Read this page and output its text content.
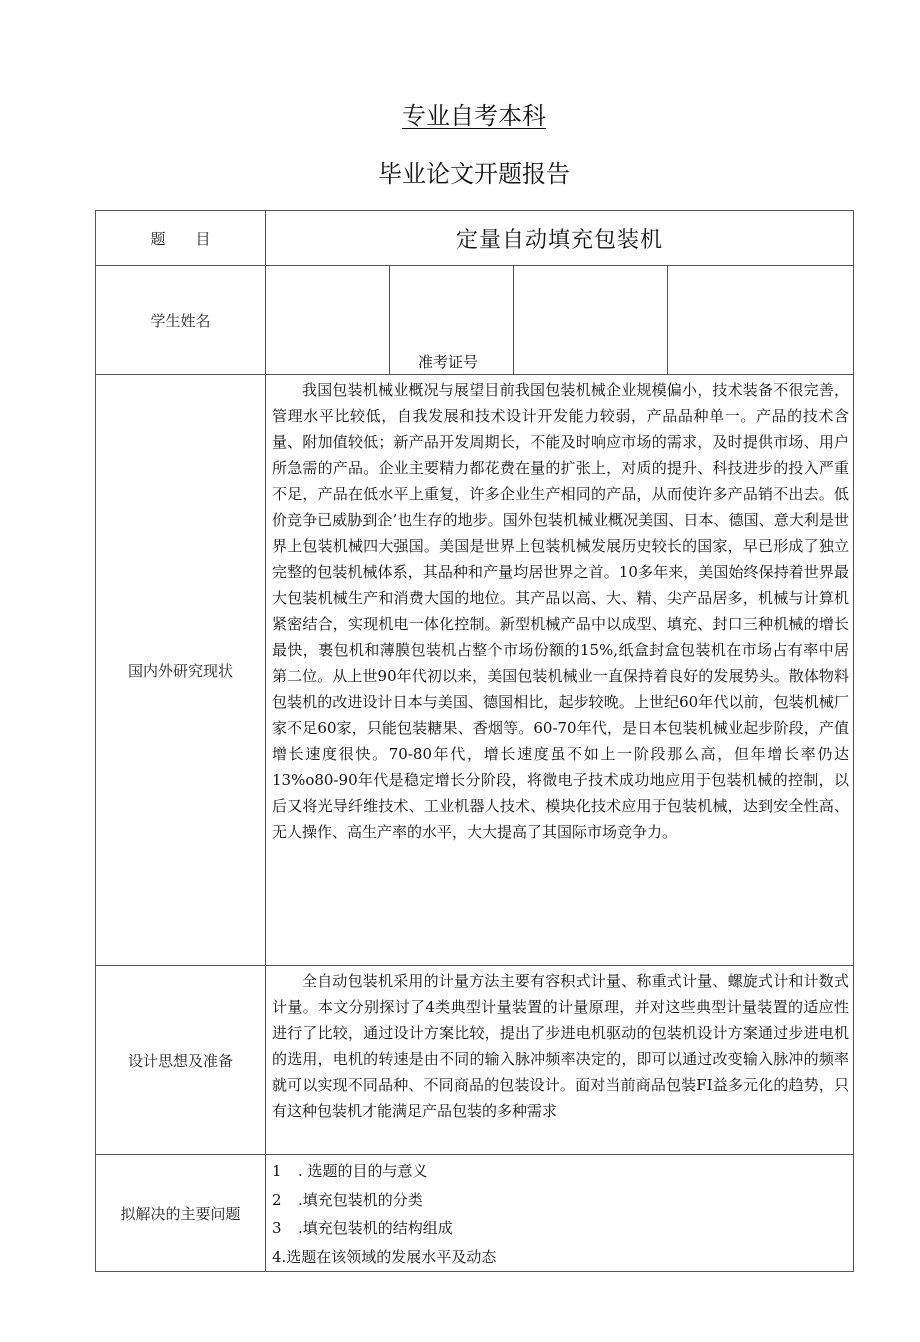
专业自考本科
毕业论文开题报告
题　　目	定量自动填充包装机			
学生姓名		准考证号		

国内外研究现状	我国包装机械业概况与展望目前我国包装机械企业规模偏小，技术装备不很完善，管理水平比较低，自我发展和技术设计开发能力较弱，产品品种单一。产品的技术含量、附加值较低；新产品开发周期长，不能及时响应市场的需求，及时提供市场、用户所急需的产品。企业主要精力都花费在量的扩张上，对质的提升、科技进步的投入严重不足，产品在低水平上重复，许多企业生产相同的产品，从而使许多产品销不出去。低价竞争已威胁到企’也生存的地步。国外包装机械业概况美国、日本、德国、意大利是世界上包装机械四大强国。美国是世界上包装机械发展历史较长的国家，早已形成了独立完整的包装机械体系，其品种和产量均居世界之首。10多年来，美国始终保持着世界最大包装机械生产和消费大国的地位。其产品以高、大、精、尖产品居多，机械与计算机紧密结合，实现机电一体化控制。新型机械产品中以成型、填充、封口三种机械的增长最快，裹包机和薄膜包装机占整个市场份额的15%,纸盒封盒包装机在市场占有率中居第二位。从上世90年代初以来，美国包装机械业一直保持着良好的发展势头。散体物料包装机的改进设计日本与美国、德国相比，起步较晚。上世纪60年代以前，包装机械厂家不足60家，只能包装糖果、香烟等。60-70年代，是日本包装机械业起步阶段，产值增长速度很快。70-80年代，增长速度虽不如上一阶段那么高，但年增长率仍达13%o80-90年代是稳定增长分阶段，将微电子技术成功地应用于包装机械的控制，以后又将光导纤维技术、工业机器人技术、模块化技术应用于包装机械，达到安全性高、无人操作、高生产率的水平，大大提高了其国际市场竞争力。			
设计思想及准备	全自动包装机采用的计量方法主要有容积式计量、称重式计量、螺旋式计和计数式计量。本文分别探讨了4类典型计量装置的计量原理，并对这些典型计量装置的适应性进行了比较，通过设计方案比较，提出了步进电机驱动的包装机设计方案通过步进电机的选用，电机的转速是由不同的输入脉冲频率决定的，即可以通过改变输入脉冲的频率就可以实现不同品种、不同商品的包装设计。面对当前商品包装FI益多元化的趋势，只有这种包装机才能满足产品包装的多种需求			
拟解决的主要问题	1 . 选题的目的与意义
2 .填充包装机的分类
3 .填充包装机的结构组成
4.选题在该领域的发展水平及动态			
